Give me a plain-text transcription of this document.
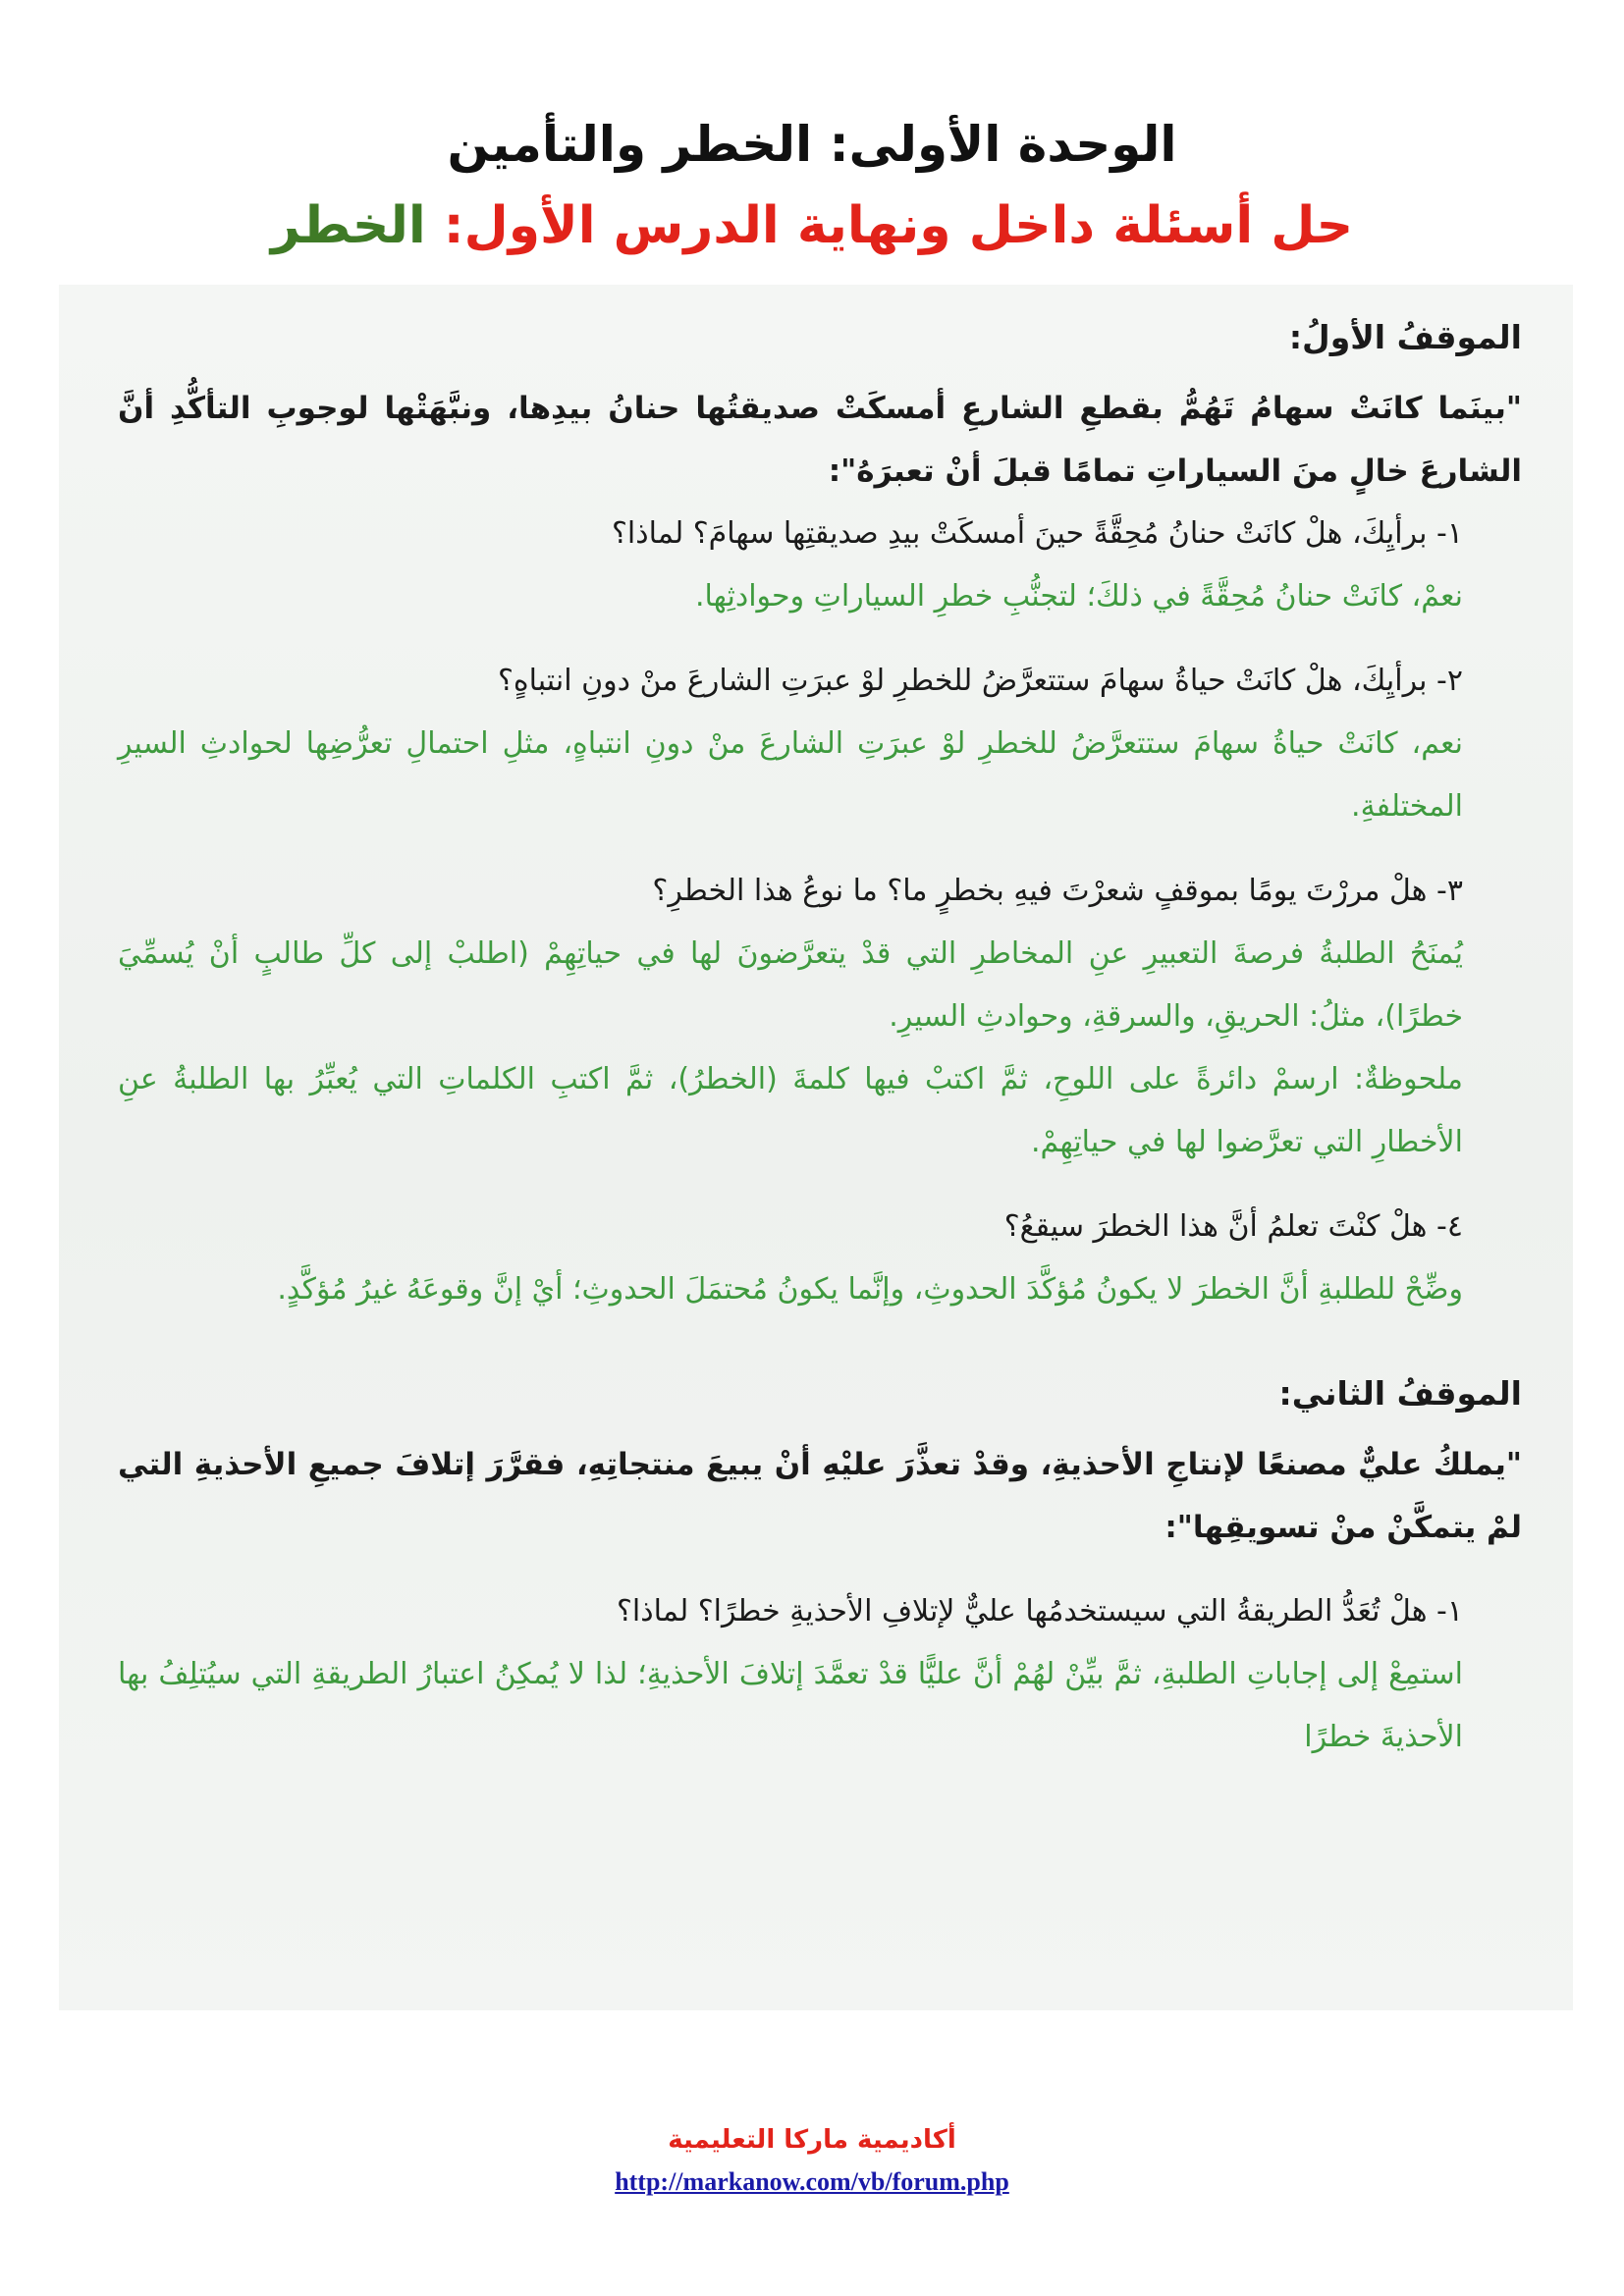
الوحدة الأولى: الخطر والتأمين
حل أسئلة داخل ونهاية الدرس الأول: الخطر
الموقفُ الأولُ:
"بينَما كانَتْ سهامُ تَهُمُّ بقطعِ الشارعِ أمسكَتْ صديقتُها حنانُ بيدِها، ونبَّهَتْها لوجوبِ التأكُّدِ أنَّ الشارعَ خالٍ منَ السياراتِ تمامًا قبلَ أنْ تعبرَهُ":
١- برأيِكَ، هلْ كانَتْ حنانُ مُحِقَّةً حينَ أمسكَتْ بيدِ صديقتِها سهامَ؟ لماذا؟
نعمْ، كانَتْ حنانُ مُحِقَّةً في ذلكَ؛ لتجنُّبِ خطرِ السياراتِ وحوادثِها.
٢- برأيِكَ، هلْ كانَتْ حياةُ سهامَ ستتعرَّضُ للخطرِ لوْ عبرَتِ الشارعَ منْ دونِ انتباهٍ؟
نعم، كانَتْ حياةُ سهامَ ستتعرَّضُ للخطرِ لوْ عبرَتِ الشارعَ منْ دونِ انتباهٍ، مثلِ احتمالِ تعرُّضِها لحوادثِ السيرِ المختلفةِ.
٣- هلْ مررْتَ يومًا بموقفٍ شعرْتَ فيهِ بخطرٍ ما؟ ما نوعُ هذا الخطرِ؟
يُمنَحُ الطلبةُ فرصةَ التعبيرِ عنِ المخاطرِ التي قدْ يتعرَّضونَ لها في حياتِهِمْ (اطلبْ إلى كلِّ طالبٍ أنْ يُسمِّيَ خطرًا)، مثلُ: الحريقِ، والسرقةِ، وحوادثِ السيرِ.
ملحوظةٌ: ارسمْ دائرةً على اللوحِ، ثمَّ اكتبْ فيها كلمةَ (الخطرُ)، ثمَّ اكتبِ الكلماتِ التي يُعبِّرُ بها الطلبةُ عنِ الأخطارِ التي تعرَّضوا لها في حياتِهِمْ.
٤- هلْ كنْتَ تعلمُ أنَّ هذا الخطرَ سيقعُ؟
وضِّحْ للطلبةِ أنَّ الخطرَ لا يكونُ مُؤكَّدَ الحدوثِ، وإنَّما يكونُ مُحتمَلَ الحدوثِ؛ أيْ إنَّ وقوعَهُ غيرُ مُؤكَّدٍ.
الموقفُ الثاني:
"يملكُ عليٌّ مصنعًا لإنتاجِ الأحذيةِ، وقدْ تعذَّرَ عليْهِ أنْ يبيعَ منتجاتِهِ، فقرَّرَ إتلافَ جميعِ الأحذيةِ التي لمْ يتمكَّنْ منْ تسويقِها":
١- هلْ تُعَدُّ الطريقةُ التي سيستخدمُها عليٌّ لإتلافِ الأحذيةِ خطرًا؟ لماذا؟
استمِعْ إلى إجاباتِ الطلبةِ، ثمَّ بيِّنْ لهُمْ أنَّ عليًّا قدْ تعمَّدَ إتلافَ الأحذيةِ؛ لذا لا يُمكِنُ اعتبارُ الطريقةِ التي سيُتلِفُ بها الأحذيةَ خطرًا
أكاديمية ماركا التعليمية
http://markanow.com/vb/forum.php
